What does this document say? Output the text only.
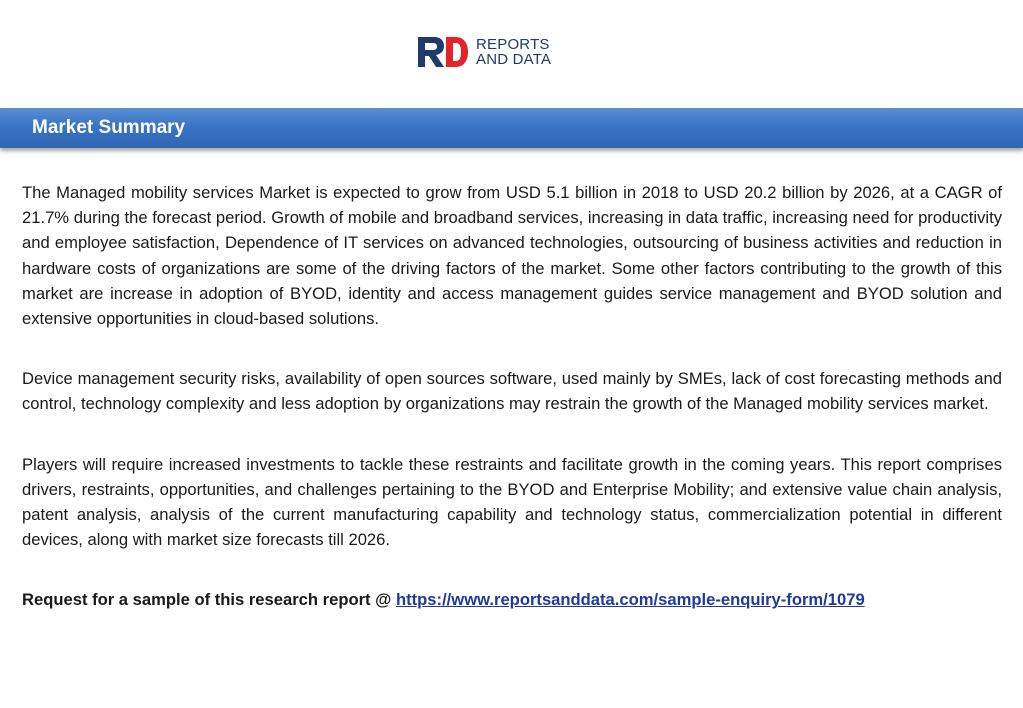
REPORTS
AND DATA
Market Summary

The Managed mobility services Market is expected to grow from USD 5.1 billion in 2018 to USD 20.2 billion by 2026, at a CAGR of 21.7% during the forecast period. Growth of mobile and broadband services, increasing in data traffic, increasing need for productivity and employee satisfaction, Dependence of IT services on advanced technologies, outsourcing of business activities and reduction in hardware costs of organizations are some of the driving factors of the market. Some other factors contributing to the growth of this market are increase in adoption of BYOD, identity and access management guides service management and BYOD solution and extensive opportunities in cloud-based solutions.

Device management security risks, availability of open sources software, used mainly by SMEs, lack of cost forecasting methods and control, technology complexity and less adoption by organizations may restrain the growth of the Managed mobility services market.

Players will require increased investments to tackle these restraints and facilitate growth in the coming years. This report comprises drivers, restraints, opportunities, and challenges pertaining to the BYOD and Enterprise Mobility; and extensive value chain analysis, patent analysis, analysis of the current manufacturing capability and technology status, commercialization potential in different devices, along with market size forecasts till 2026.

Request for a sample of this research report @ https://www.reportsanddata.com/sample-enquiry-form/1079
